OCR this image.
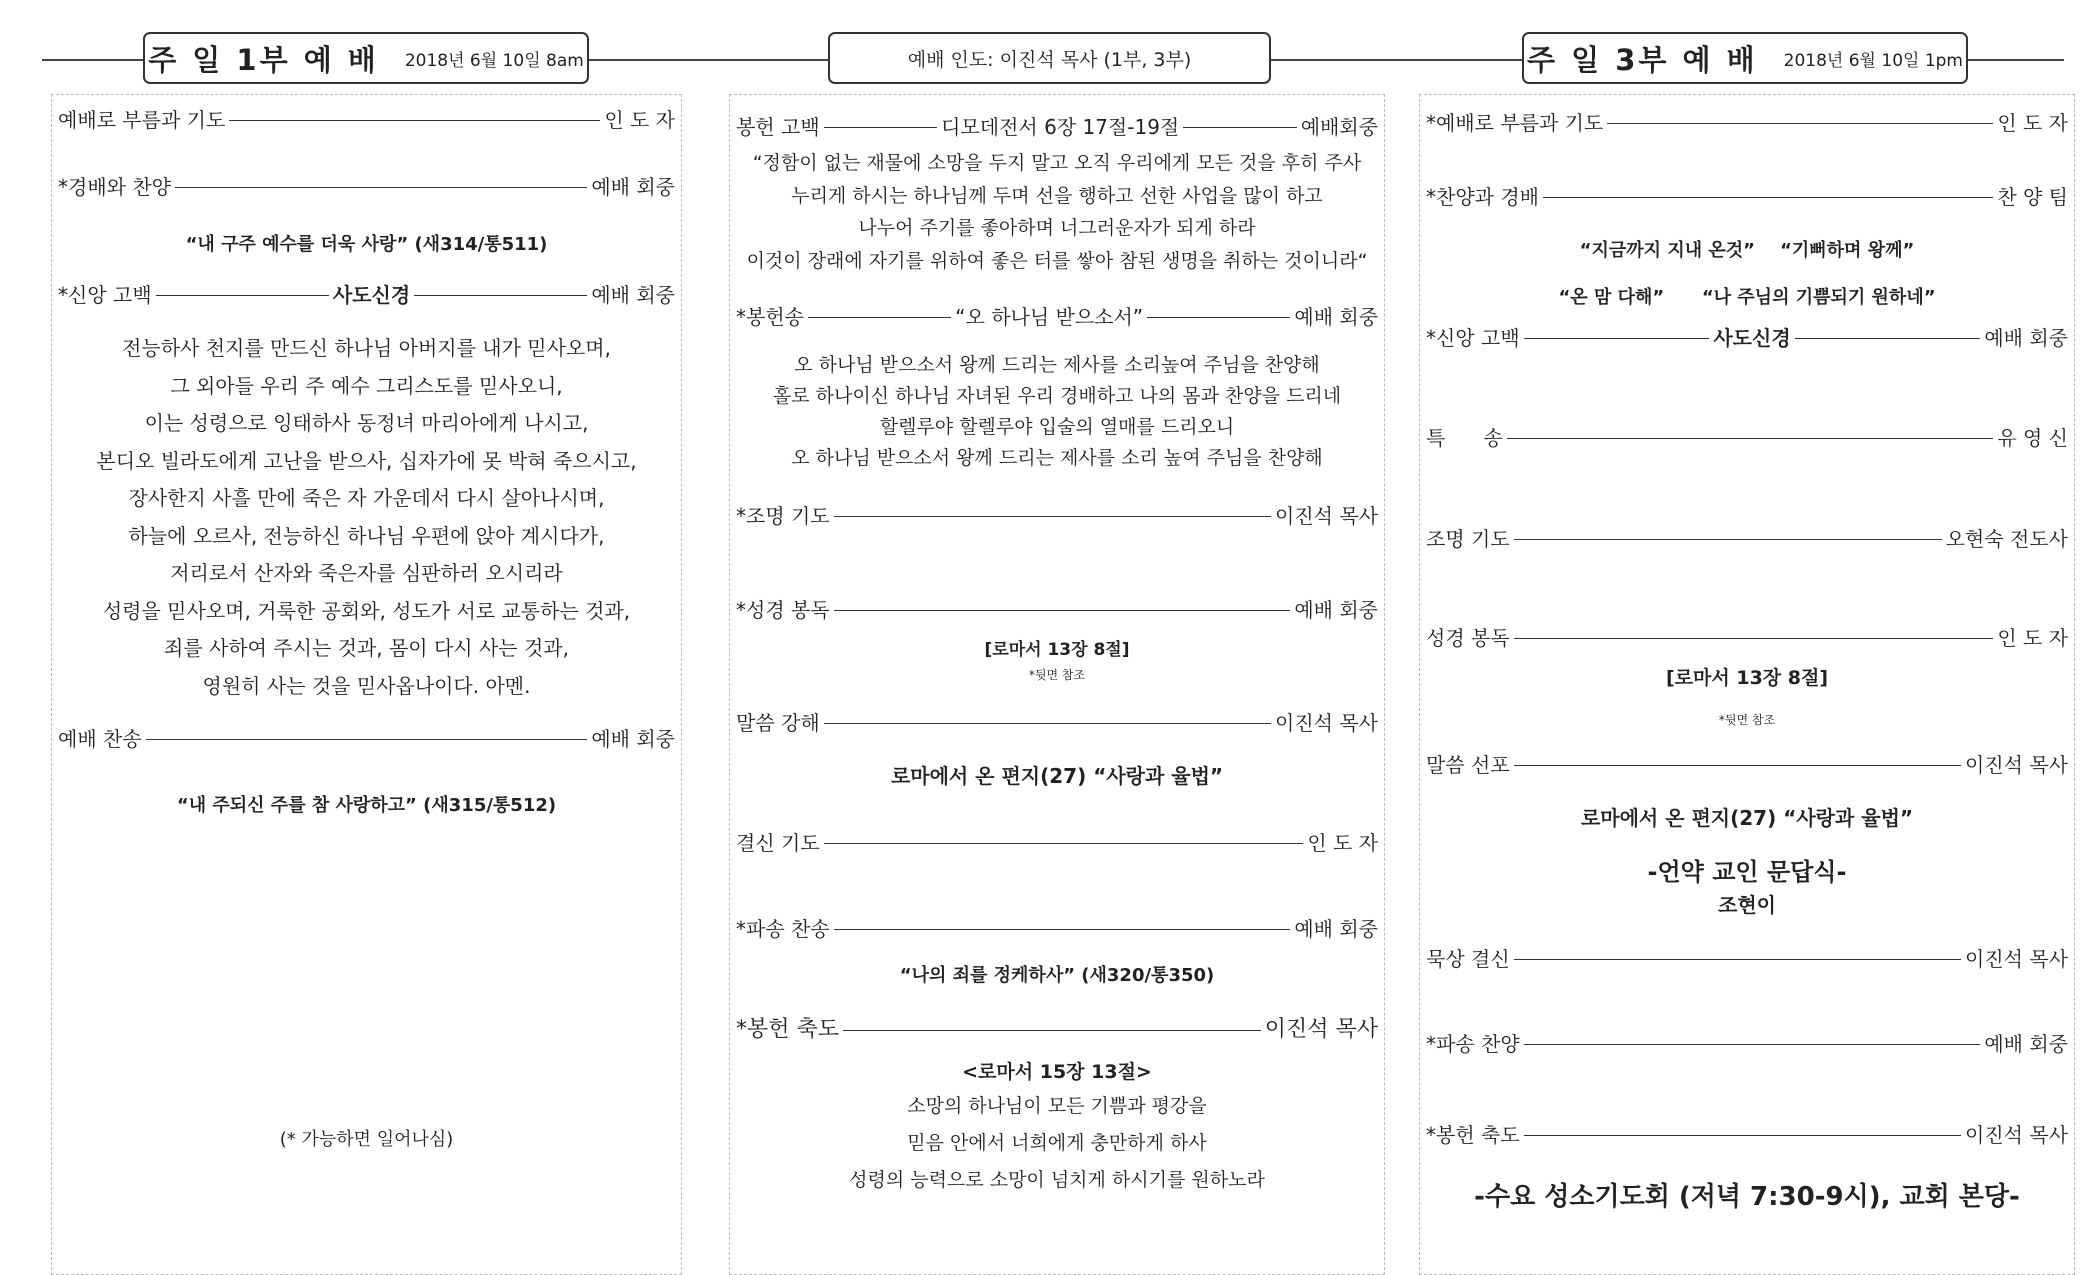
주 일 1부 예 배 2018년 6월 10일 8am	예배 인도: 이진석 목사 (1부, 3부)	주 일 3부 예 배 2018년 6월 10일 1pm
예배로 부름과 기도	인 도 자
*경배와 찬양	예배 회중
“내 구주 예수를 더욱 사랑” (새314/통511)
*신앙 고백	사도신경	예배 회중

전능하사 천지를 만드신 하나님 아버지를 내가 믿사오며,

그 외아들 우리 주 예수 그리스도를 믿사오니,

이는 성령으로 잉태하사 동정녀 마리아에게 나시고,

본디오 빌라도에게 고난을 받으사, 십자가에 못 박혀 죽으시고,

장사한지 사흘 만에 죽은 자 가운데서 다시 살아나시며,

하늘에 오르사, 전능하신 하나님 우편에 앉아 계시다가,

저리로서 산자와 죽은자를 심판하러 오시리라

성령을 믿사오며, 거룩한 공회와, 성도가 서로 교통하는 것과,

죄를 사하여 주시는 것과, 몸이 다시 사는 것과,

영원히 사는 것을 믿사옵나이다. 아멘.

예배 찬송	예배 회중
“내 주되신 주를 참 사랑하고” (새315/통512)
(* 가능하면 일어나심)
봉헌 고백	디모데전서 6장 17절-19절	예배회중

“정함이 없는 재물에 소망을 두지 말고 오직 우리에게 모든 것을 후히 주사

누리게 하시는 하나님께 두며 선을 행하고 선한 사업을 많이 하고

나누어 주기를 좋아하며 너그러운자가 되게 하라

이것이 장래에 자기를 위하여 좋은 터를 쌓아 참된 생명을 취하는 것이니라“

*봉헌송	“오 하나님 받으소서”	예배 회중

오 하나님 받으소서 왕께 드리는 제사를 소리높여 주님을 찬양해

홀로 하나이신 하나님 자녀된 우리 경배하고 나의 몸과 찬양을 드리네

할렐루야 할렐루야 입술의 열매를 드리오니

오 하나님 받으소서 왕께 드리는 제사를 소리 높여 주님을 찬양해

*조명 기도	이진석 목사
*성경 봉독	예배 회중
[로마서 13장 8절]
*뒷면 참조
말씀 강해	이진석 목사
로마에서 온 편지(27) “사랑과 율법”
결신 기도	인 도 자
*파송 찬송	예배 회중
“나의 죄를 정케하사” (새320/통350)
*봉헌 축도	이진석 목사
<로마서 15장 13절>

소망의 하나님이 모든 기쁨과 평강을

믿음 안에서 너희에게 충만하게 하사

성령의 능력으로 소망이 넘치게 하시기를 원하노라

*예배로 부름과 기도	인 도 자
*찬양과 경배	찬 양 팀
“지금까지 지내 온것” “기뻐하며 왕께”
“온 맘 다해” “나 주님의 기쁨되기 원하네”
*신앙 고백	사도신경	예배 회중
특      송	유 영 신
조명 기도	오현숙 전도사
성경 봉독	인 도 자
[로마서 13장 8절]
*뒷면 참조
말씀 선포	이진석 목사
로마에서 온 편지(27) “사랑과 율법”
-언약 교인 문답식-
조현이
묵상 결신	이진석 목사
*파송 찬양	예배 회중
*봉헌 축도	이진석 목사
-수요 성소기도회 (저녁 7:30-9시), 교회 본당-
